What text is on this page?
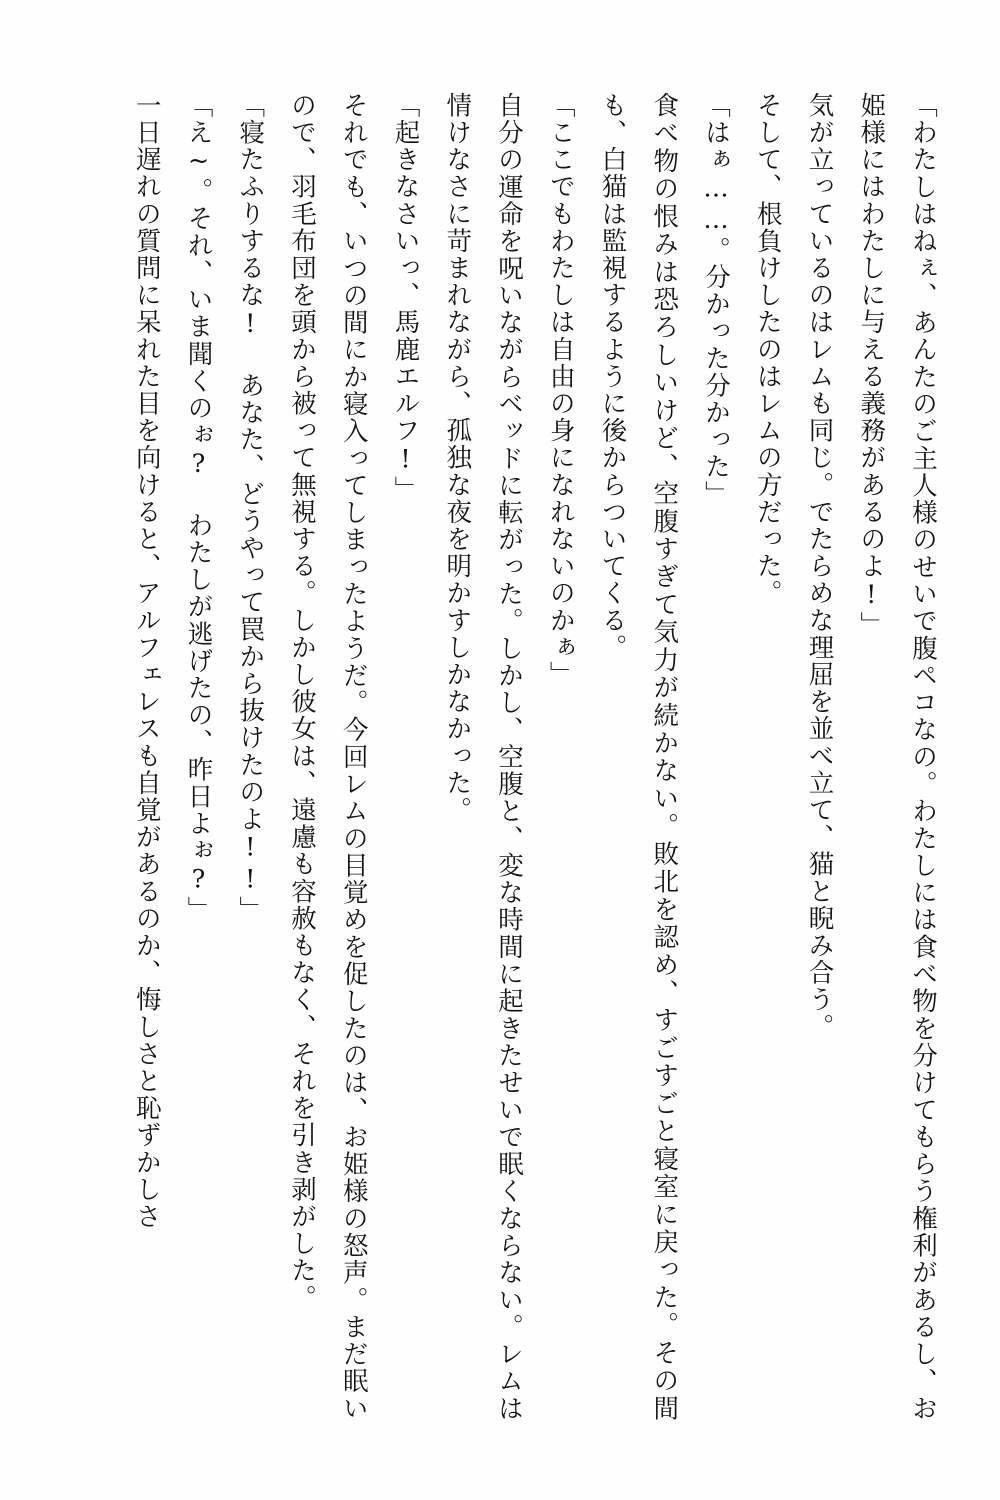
「わたしはねぇ、あんたのご主人様のせいで腹ペコなの。わたしには食べ物を分けてもらう権利があるし、お姫様にはわたしに与える義務があるのよ!」

気が立っているのはレムも同じ。でたらめな理屈を並べ立て、猫と睨み合う。

そして、根負けしたのはレムの方だった。

「はぁ……。分かった分かった」

食べ物の恨みは恐ろしいけど、空腹すぎて気力が続かない。敗北を認め、すごすごと寝室に戻った。その間も、白猫は監視するように後からついてくる。

「ここでもわたしは自由の身になれないのかぁ」

自分の運命を呪いながらベッドに転がった。しかし、空腹と、変な時間に起きたせいで眠くならない。レムは情けなさに苛まれながら、孤独な夜を明かすしかなかった。

「起きなさいっ、馬鹿エルフ!」

それでも、いつの間にか寝入ってしまったようだ。今回レムの目覚めを促したのは、お姫様の怒声。まだ眠いので、羽毛布団を頭から被って無視する。しかし彼女は、遠慮も容赦もなく、それを引き剥がした。

「寝たふりするな! あなた、どうやって罠から抜けたのよ!!」

「え~。それ、いま聞くのぉ? わたしが逃げたの、昨日よぉ?」

一日遅れの質問に呆れた目を向けると、アルフェレスも自覚があるのか、悔しさと恥ずかしさ
